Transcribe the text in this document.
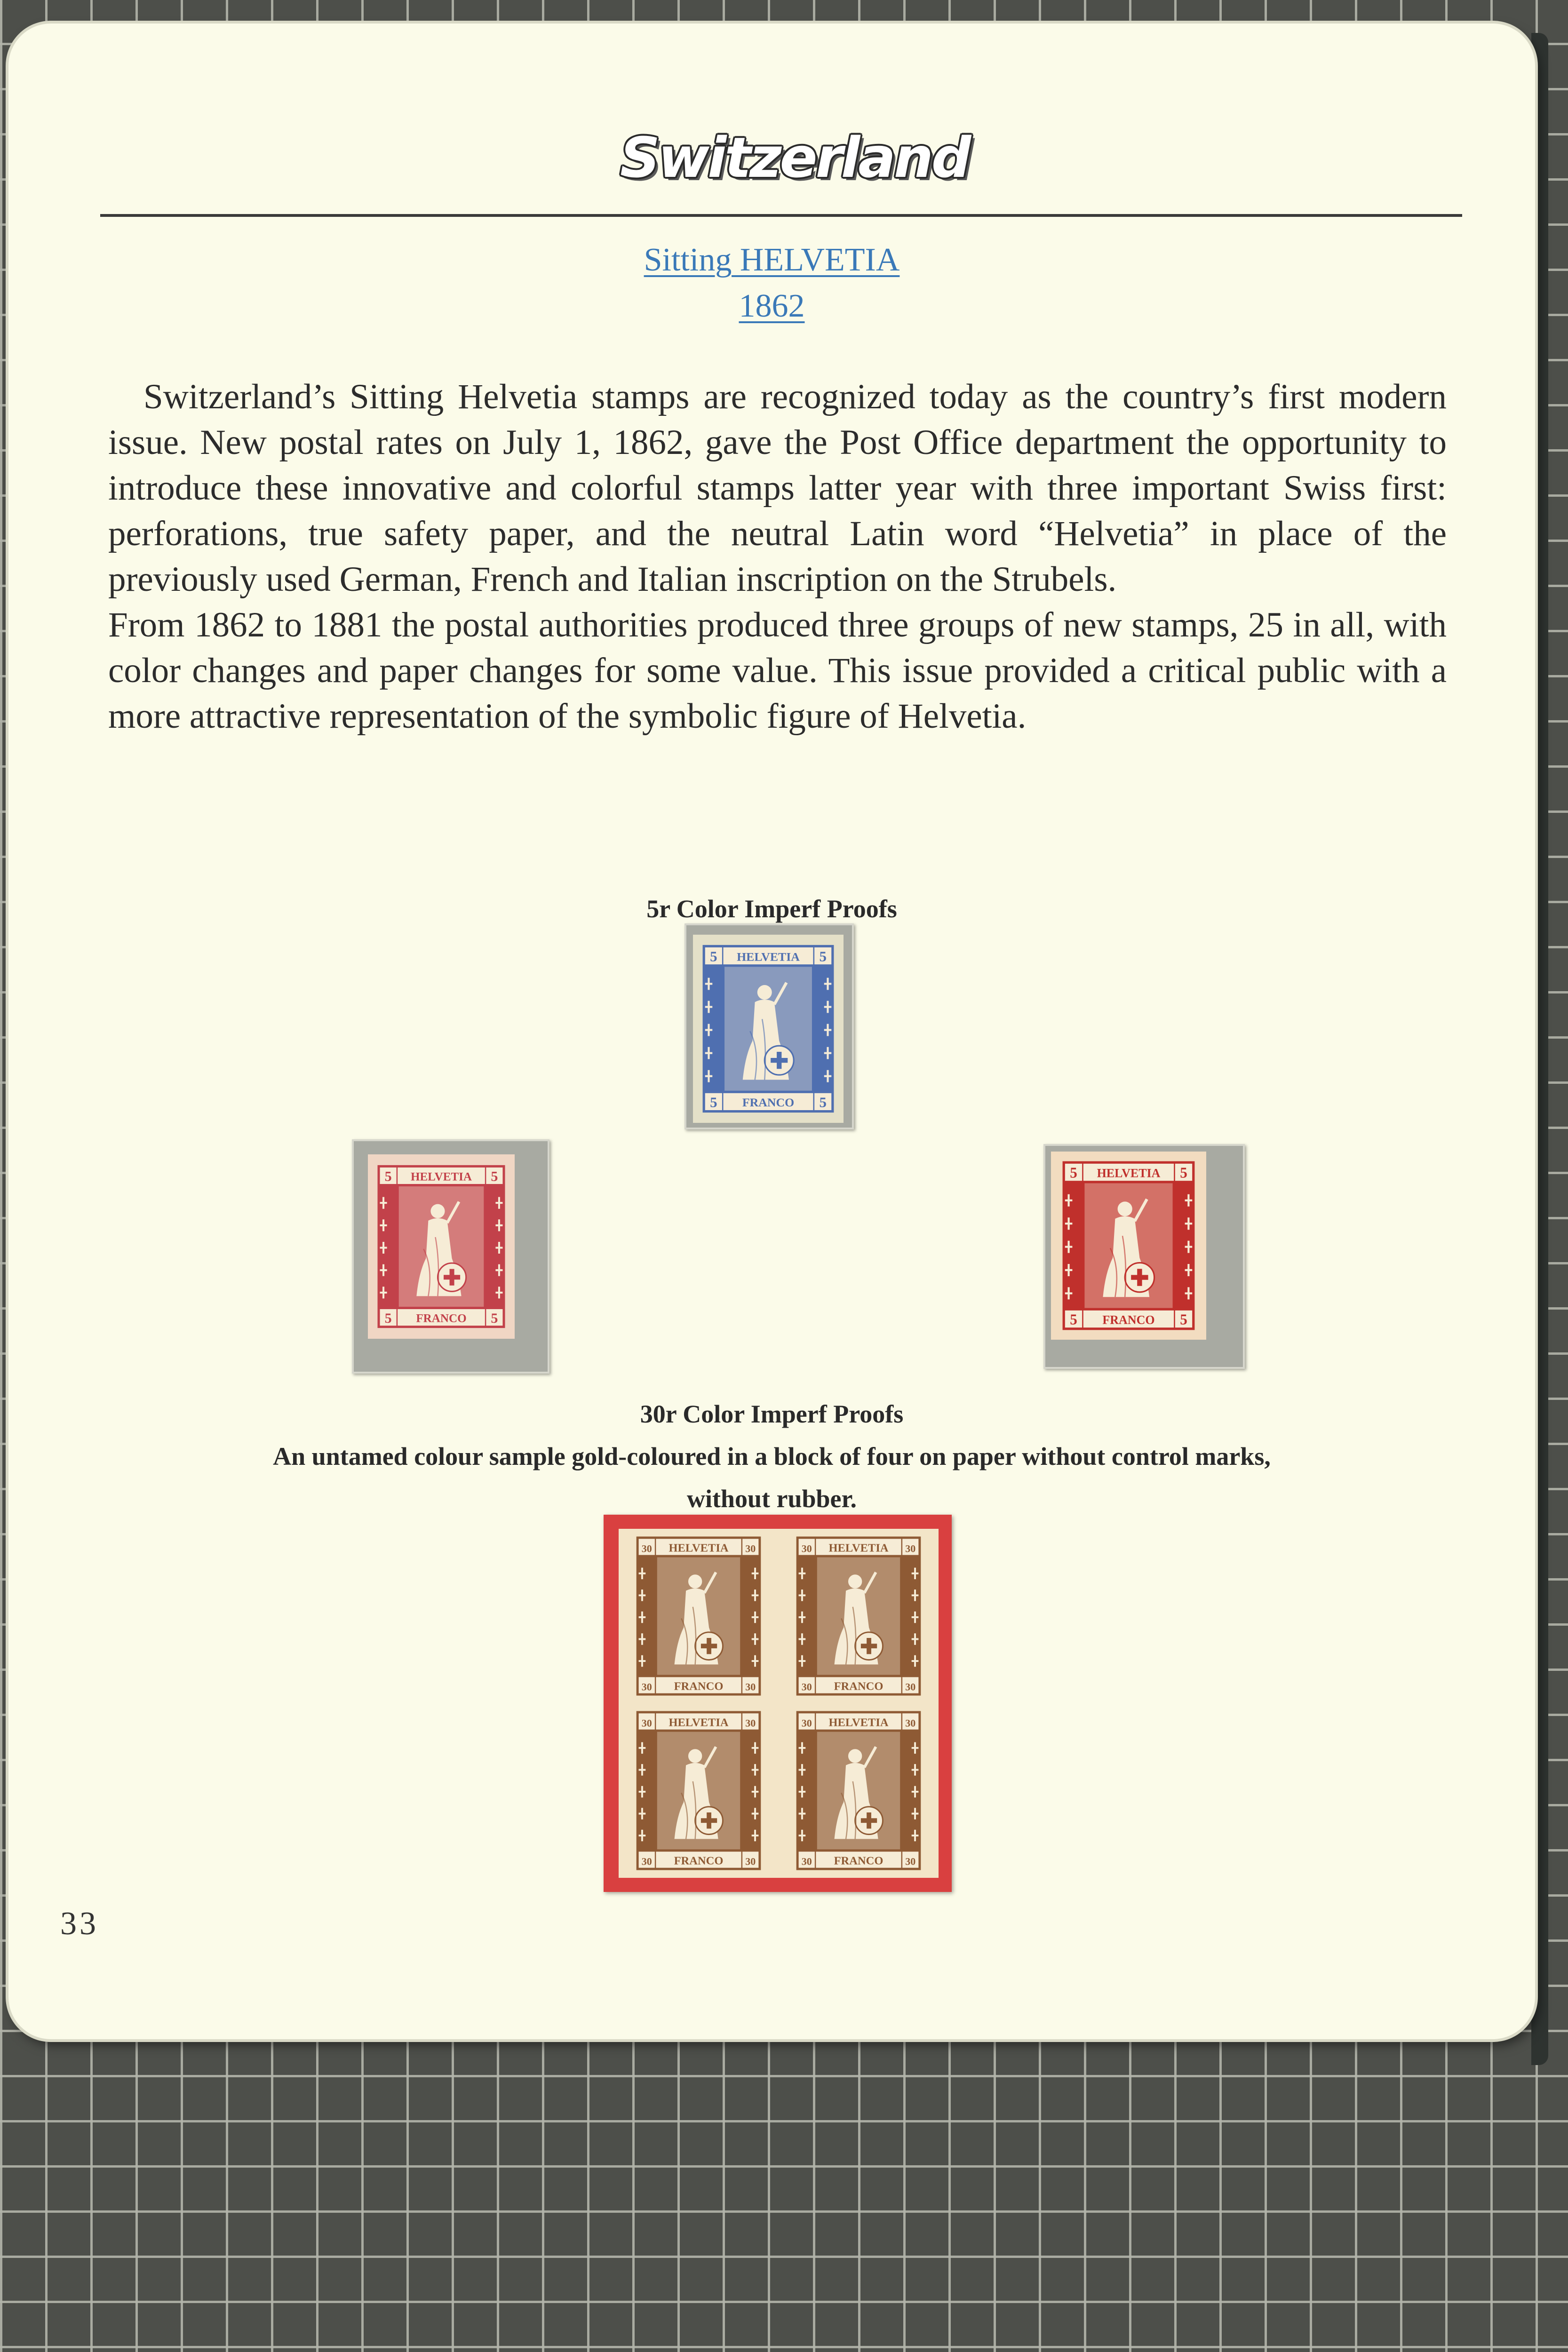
Switzerland
Sitting HELVETIA
1862

Switzerland’s Sitting Helvetia stamps are recognized today as the country’s first modern issue. New postal rates on July 1, 1862, gave the Post Office department the opportunity to introduce these innovative and colorful stamps latter year with three important Swiss first: perforations, true safety paper, and the neutral Latin word “Helvetia” in place of the previously used German, French and Italian inscription on the Strubels.

From 1862 to 1881 the postal authorities produced three groups of new stamps, 25 in all, with color changes and paper changes for some value. This issue provided a critical public with a more attractive representation of the symbolic figure of Helvetia.

5r Color Imperf Proofs

5	5
5	5
HELVETIA
FRANCO
5	5
5	5
HELVETIA
FRANCO
5	5
5	5
HELVETIA
FRANCO

30r Color Imperf Proofs

An untamed colour sample gold-coloured in a block of four on paper without control marks,

without rubber.

30	30
30	30
HELVETIA
FRANCO
30	30
30	30
HELVETIA
FRANCO
30	30
30	30
HELVETIA
FRANCO
30	30
30	30
HELVETIA
FRANCO
33
